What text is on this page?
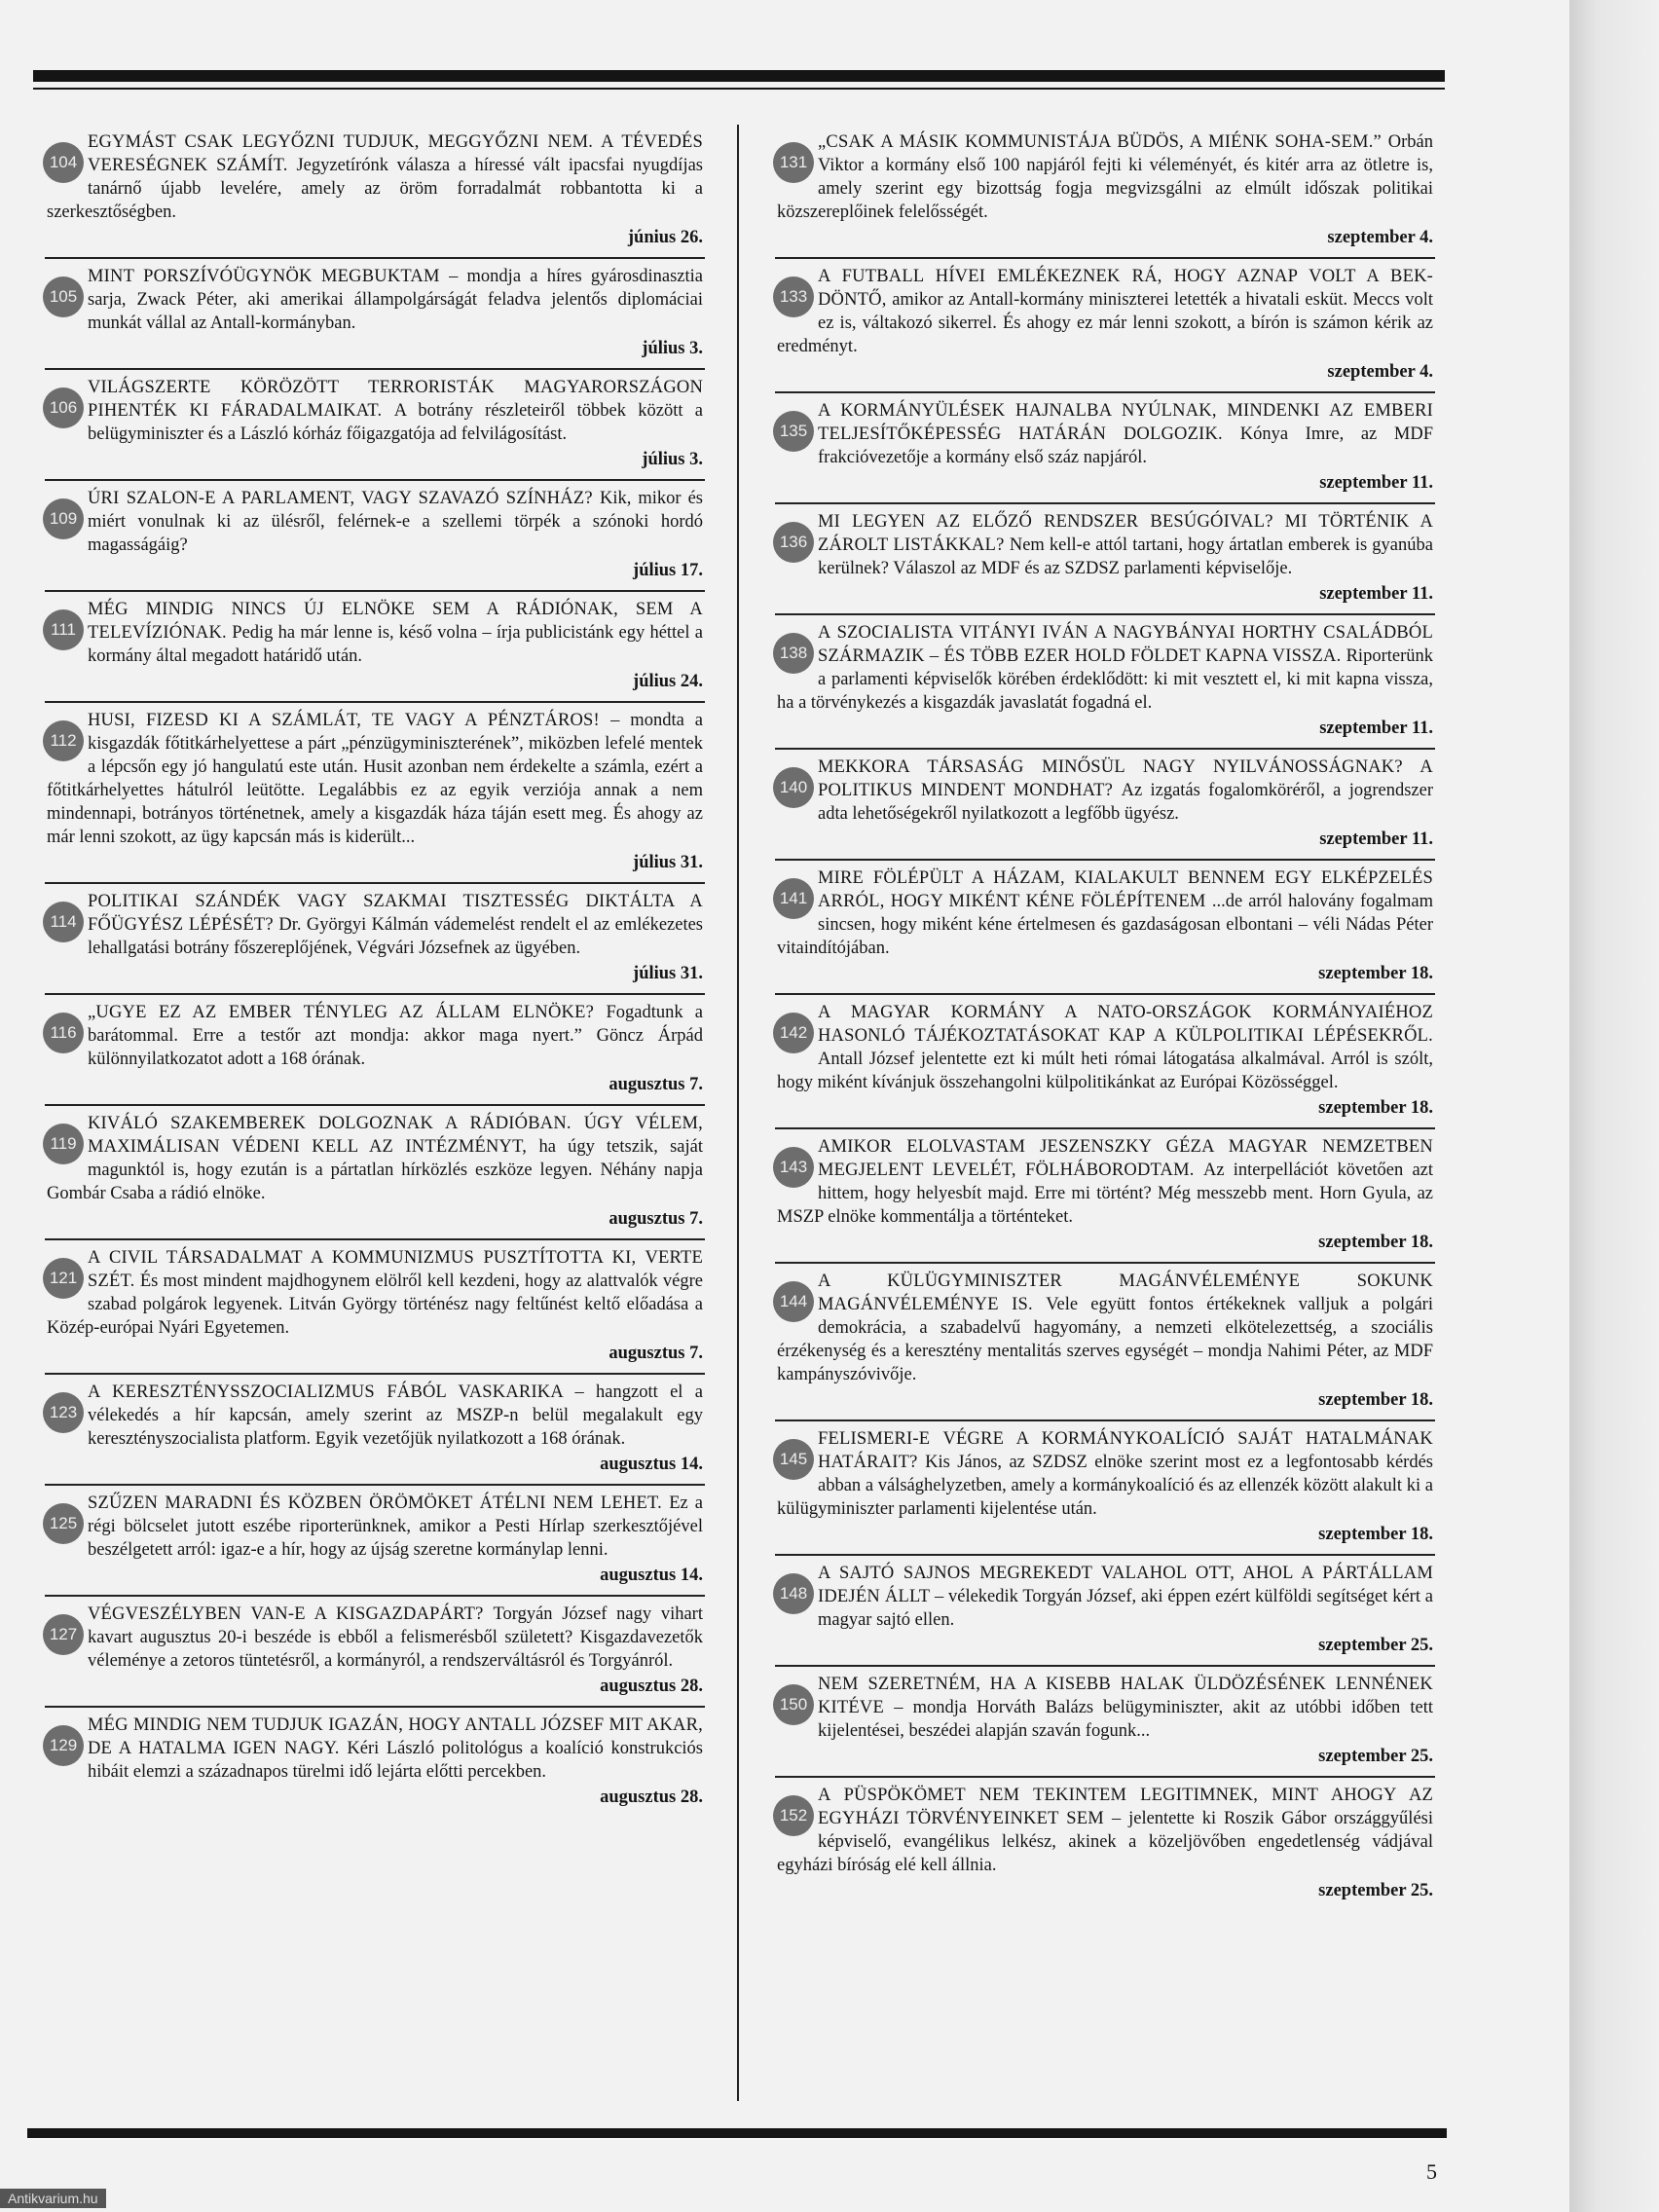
104
EGYMÁST CSAK LEGYŐZNI TUDJUK, MEGGYŐZNI NEM. A TÉVEDÉS VERESÉGNEK SZÁMÍT. Jegyzetírónk válasza a híressé vált ipacsfai nyugdíjas tanárnő újabb levelére, amely az öröm forradalmát robbantotta ki a szerkesztőségben.

június 26.

105
MINT PORSZÍVÓÜGYNÖK MEGBUKTAM – mondja a híres gyárosdinasztia sarja, Zwack Péter, aki amerikai állampolgárságát feladva jelentős diplomáciai munkát vállal az Antall-kormányban.

július 3.

106
VILÁGSZERTE KÖRÖZÖTT TERRORISTÁK MAGYARORSZÁGON PIHENTÉK KI FÁRADALMAIKAT. A botrány részleteiről többek között a belügyminiszter és a László kórház főigazgatója ad felvilágosítást.

július 3.

109
ÚRI SZALON-E A PARLAMENT, VAGY SZAVAZÓ SZÍNHÁZ? Kik, mikor és miért vonulnak ki az ülésről, felérnek-e a szellemi törpék a szónoki hordó magasságáig?

július 17.

111
MÉG MINDIG NINCS ÚJ ELNÖKE SEM A RÁDIÓNAK, SEM A TELEVÍZIÓNAK. Pedig ha már lenne is, késő volna – írja publicistánk egy héttel a kormány által megadott határidő után.

július 24.

112
HUSI, FIZESD KI A SZÁMLÁT, TE VAGY A PÉNZTÁROS! – mondta a kisgazdák főtitkárhelyettese a párt „pénzügyminiszterének”, miközben lefelé mentek a lépcsőn egy jó hangulatú este után. Husit azonban nem érdekelte a számla, ezért a főtitkárhelyettes hátulról leütötte. Legalábbis ez az egyik verziója annak a nem mindennapi, botrányos történetnek, amely a kisgazdák háza táján esett meg. És ahogy az már lenni szokott, az ügy kapcsán más is kiderült...

július 31.

114
POLITIKAI SZÁNDÉK VAGY SZAKMAI TISZTESSÉG DIKTÁLTA A FŐÜGYÉSZ LÉPÉSÉT? Dr. Györgyi Kálmán vádemelést rendelt el az emlékezetes lehallgatási botrány főszereplőjének, Végvári Józsefnek az ügyében.

július 31.

116
„UGYE EZ AZ EMBER TÉNYLEG AZ ÁLLAM ELNÖKE? Fogadtunk a barátommal. Erre a testőr azt mondja: akkor maga nyert.” Göncz Árpád különnyilatkozatot adott a 168 órának.

augusztus 7.

119
KIVÁLÓ SZAKEMBEREK DOLGOZNAK A RÁDIÓBAN. ÚGY VÉLEM, MAXIMÁLISAN VÉDENI KELL AZ INTÉZMÉNYT, ha úgy tetszik, saját magunktól is, hogy ezután is a pártatlan hírközlés eszköze legyen. Néhány napja Gombár Csaba a rádió elnöke.

augusztus 7.

121
A CIVIL TÁRSADALMAT A KOMMUNIZMUS PUSZTÍTOTTA KI, VERTE SZÉT. És most mindent majdhogynem elölről kell kezdeni, hogy az alattvalók végre szabad polgárok legyenek. Litván György történész nagy feltűnést keltő előadása a Közép-európai Nyári Egyetemen.

augusztus 7.

123
A KERESZTÉNYSSZOCIALIZMUS FÁBÓL VASKARIKA – hangzott el a vélekedés a hír kapcsán, amely szerint az MSZP-n belül megalakult egy keresztényszocialista platform. Egyik vezetőjük nyilatkozott a 168 órának.

augusztus 14.

125
SZŰZEN MARADNI ÉS KÖZBEN ÖRÖMÖKET ÁTÉLNI NEM LEHET. Ez a régi bölcselet jutott eszébe riporterünknek, amikor a Pesti Hírlap szerkesztőjével beszélgetett arról: igaz-e a hír, hogy az újság szeretne kormánylap lenni.

augusztus 14.

127
VÉGVESZÉLYBEN VAN-E A KISGAZDAPÁRT? Torgyán József nagy vihart kavart augusztus 20-i beszéde is ebből a felismerésből született? Kisgazdavezetők véleménye a zetoros tüntetésről, a kormányról, a rendszerváltásról és Torgyánról.

augusztus 28.

129
MÉG MINDIG NEM TUDJUK IGAZÁN, HOGY ANTALL JÓZSEF MIT AKAR, DE A HATALMA IGEN NAGY. Kéri László politológus a koalíció konstrukciós hibáit elemzi a századnapos türelmi idő lejárta előtti percekben.

augusztus 28.

131
„CSAK A MÁSIK KOMMUNISTÁJA BÜDÖS, A MIÉNK SOHA-SEM.” Orbán Viktor a kormány első 100 napjáról fejti ki véleményét, és kitér arra az ötletre is, amely szerint egy bizottság fogja megvizsgálni az elmúlt időszak politikai közszereplőinek felelősségét.

szeptember 4.

133
A FUTBALL HÍVEI EMLÉKEZNEK RÁ, HOGY AZNAP VOLT A BEK-DÖNTŐ, amikor az Antall-kormány miniszterei letették a hivatali esküt. Meccs volt ez is, váltakozó sikerrel. És ahogy ez már lenni szokott, a bírón is számon kérik az eredményt.

szeptember 4.

135
A KORMÁNYÜLÉSEK HAJNALBA NYÚLNAK, MINDENKI AZ EMBERI TELJESÍTŐKÉPESSÉG HATÁRÁN DOLGOZIK. Kónya Imre, az MDF frakcióvezetője a kormány első száz napjáról.

szeptember 11.

136
MI LEGYEN AZ ELŐZŐ RENDSZER BESÚGÓIVAL? MI TÖRTÉNIK A ZÁROLT LISTÁKKAL? Nem kell-e attól tartani, hogy ártatlan emberek is gyanúba kerülnek? Válaszol az MDF és az SZDSZ parlamenti képviselője.

szeptember 11.

138
A SZOCIALISTA VITÁNYI IVÁN A NAGYBÁNYAI HORTHY CSALÁDBÓL SZÁRMAZIK – ÉS TÖBB EZER HOLD FÖLDET KAPNA VISSZA. Riporterünk a parlamenti képviselők körében érdeklődött: ki mit vesztett el, ki mit kapna vissza, ha a törvénykezés a kisgazdák javaslatát fogadná el.

szeptember 11.

140
MEKKORA TÁRSASÁG MINŐSÜL NAGY NYILVÁNOSSÁGNAK? A POLITIKUS MINDENT MONDHAT? Az izgatás fogalomköréről, a jogrendszer adta lehetőségekről nyilatkozott a legfőbb ügyész.

szeptember 11.

141
MIRE FÖLÉPÜLT A HÁZAM, KIALAKULT BENNEM EGY ELKÉPZELÉS ARRÓL, HOGY MIKÉNT KÉNE FÖLÉPÍTENEM ...de arról halovány fogalmam sincsen, hogy miként kéne értelmesen és gazdaságosan elbontani – véli Nádas Péter vitaindítójában.

szeptember 18.

142
A MAGYAR KORMÁNY A NATO-ORSZÁGOK KORMÁNYAIÉHOZ HASONLÓ TÁJÉKOZTATÁSOKAT KAP A KÜLPOLITIKAI LÉPÉSEKRŐL. Antall József jelentette ezt ki múlt heti római látogatása alkalmával. Arról is szólt, hogy miként kívánjuk összehangolni külpolitikánkat az Európai Közösséggel.

szeptember 18.

143
AMIKOR ELOLVASTAM JESZENSZKY GÉZA MAGYAR NEMZETBEN MEGJELENT LEVELÉT, FÖLHÁBORODTAM. Az interpellációt követően azt hittem, hogy helyesbít majd. Erre mi történt? Még messzebb ment. Horn Gyula, az MSZP elnöke kommentálja a történteket.

szeptember 18.

144
A KÜLÜGYMINISZTER MAGÁNVÉLEMÉNYE SOKUNK MAGÁNVÉLEMÉNYE IS. Vele együtt fontos értékeknek valljuk a polgári demokrácia, a szabadelvű hagyomány, a nemzeti elkötelezettség, a szociális érzékenység és a keresztény mentalitás szerves egységét – mondja Nahimi Péter, az MDF kampányszóvivője.

szeptember 18.

145
FELISMERI-E VÉGRE A KORMÁNYKOALÍCIÓ SAJÁT HATALMÁNAK HATÁRAIT? Kis János, az SZDSZ elnöke szerint most ez a legfontosabb kérdés abban a válsághelyzetben, amely a kormánykoalíció és az ellenzék között alakult ki a külügyminiszter parlamenti kijelentése után.

szeptember 18.

148
A SAJTÓ SAJNOS MEGREKEDT VALAHOL OTT, AHOL A PÁRTÁLLAM IDEJÉN ÁLLT – vélekedik Torgyán József, aki éppen ezért külföldi segítséget kért a magyar sajtó ellen.

szeptember 25.

150
NEM SZERETNÉM, HA A KISEBB HALAK ÜLDÖZÉSÉNEK LENNÉNEK KITÉVE – mondja Horváth Balázs belügyminiszter, akit az utóbbi időben tett kijelentései, beszédei alapján szaván fogunk...

szeptember 25.

152
A PÜSPÖKÖMET NEM TEKINTEM LEGITIMNEK, MINT AHOGY AZ EGYHÁZI TÖRVÉNYEINKET SEM – jelentette ki Roszik Gábor országgyűlési képviselő, evangélikus lelkész, akinek a közeljövőben engedetlenség vádjával egyházi bíróság elé kell állnia.

szeptember 25.
5
Antikvarium.hu
